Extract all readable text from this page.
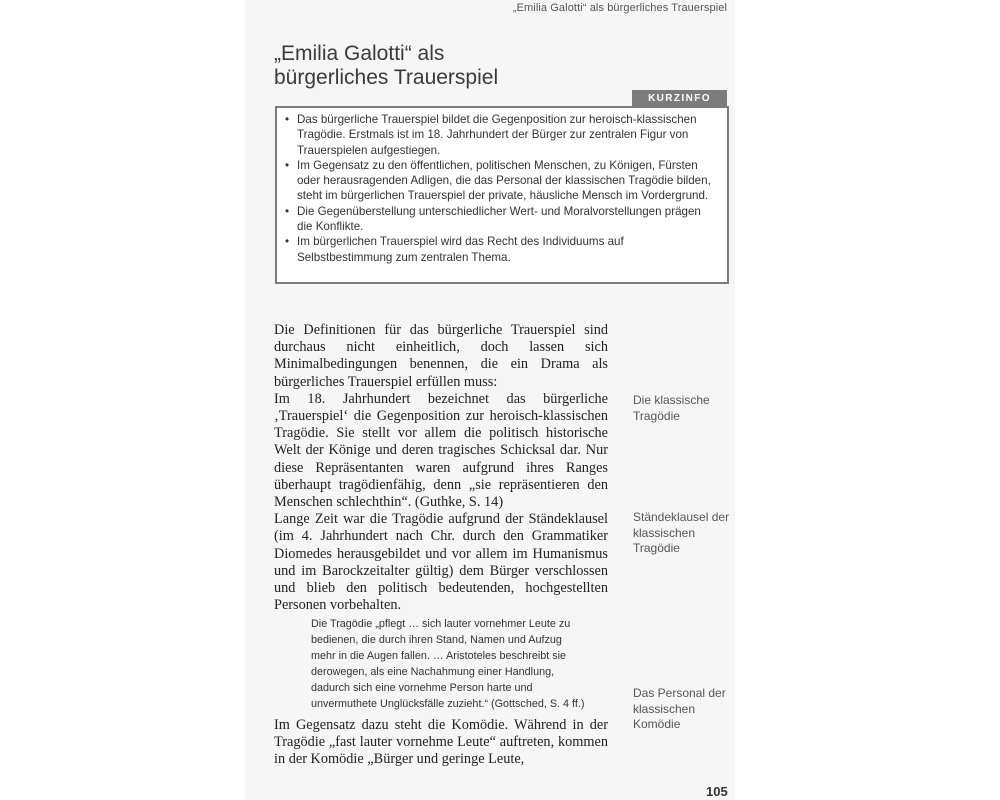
„Emilia Galotti“ als bürgerliches Trauerspiel
„Emilia Galotti“ als
bürgerliches Trauerspiel
KURZINFO
• Das bürgerliche Trauerspiel bildet die Gegenposition zur heroisch-klassischen Tragödie. Erstmals ist im 18. Jahrhundert der Bürger zur zentralen Figur von Trauerspielen aufgestiegen.
• Im Gegensatz zu den öffentlichen, politischen Menschen, zu Königen, Fürsten oder herausragenden Adligen, die das Personal der klassischen Tragödie bilden, steht im bürgerlichen Trauerspiel der private, häusliche Mensch im Vordergrund.
• Die Gegenüberstellung unterschiedlicher Wert- und Moralvorstellungen prägen die Konflikte.
• Im bürgerlichen Trauerspiel wird das Recht des Individuums auf Selbstbestimmung zum zentralen Thema.

Die Definitionen für das bürgerliche Trauerspiel sind durchaus nicht einheitlich, doch lassen sich Minimalbedingungen benennen, die ein Drama als bürgerliches Trauerspiel erfüllen muss:

Im 18. Jahrhundert bezeichnet das bürgerliche ‚Trauerspiel‘ die Gegenposition zur heroisch-klassischen Tragödie. Sie stellt vor allem die politisch historische Welt der Könige und deren tragisches Schicksal dar. Nur diese Repräsentanten waren aufgrund ihres Ranges überhaupt tragödienfähig, denn „sie repräsentieren den Menschen schlechthin“. (Guthke, S. 14)

Lange Zeit war die Tragödie aufgrund der Ständeklausel (im 4. Jahrhundert nach Chr. durch den Grammatiker Diomedes herausgebildet und vor allem im Humanismus und im Barockzeitalter gültig) dem Bürger verschlossen und blieb den politisch bedeutenden, hochgestellten Personen vorbehalten.

Die Tragödie „pflegt … sich lauter vornehmer Leute zu bedienen, die durch ihren Stand, Namen und Aufzug mehr in die Augen fallen. … Aristoteles beschreibt sie derowegen, als eine Nachahmung einer Handlung, dadurch sich eine vornehme Person harte und unvermuthete Unglücksfälle zuzieht.“ (Gottsched, S. 4 ff.)

Im Gegensatz dazu steht die Komödie. Während in der Tragödie „fast lauter vornehme Leute“ auftreten, kommen in der Komödie „Bürger und geringe Leute,

Die klassische Tragödie

Ständeklausel der klassischen Tragödie

Das Personal der klassischen Komödie

105
